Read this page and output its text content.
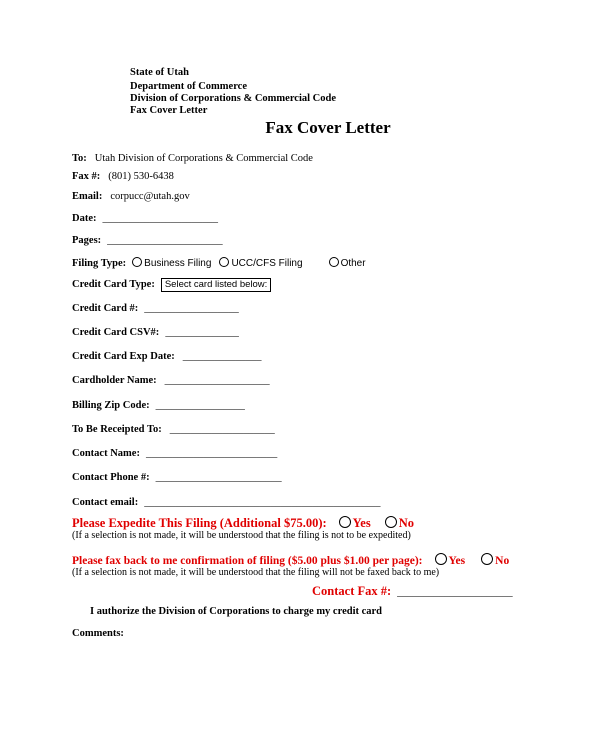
State of Utah
Department of Commerce
Division of Corporations & Commercial Code
Fax Cover Letter
Fax Cover Letter
To: Utah Division of Corporations & Commercial Code
Fax #: (801) 530-6438
Email: corpucc@utah.gov
Date: ______________________
Pages: ______________________
Filing Type: Business Filing UCC/CFS Filing	Other
Credit Card Type: Select card listed below:
Credit Card #: __________________
Credit Card CSV#: ______________
Credit Card Exp Date: _______________
Cardholder Name: ____________________
Billing Zip Code: _________________
To Be Receipted To: ____________________
Contact Name: _________________________
Contact Phone #: ________________________
Contact email: _____________________________________________
Please Expedite This Filing (Additional $75.00): Yes No
(If a selection is not made, it will be understood that the filing is not to be expedited)
Please fax back to me confirmation of filing ($5.00 plus $1.00 per page): Yes	No
(If a selection is not made, it will be understood that the filing will not be faxed back to me)
Contact Fax #: ______________________
I authorize the Division of Corporations to charge my credit card
Comments:
